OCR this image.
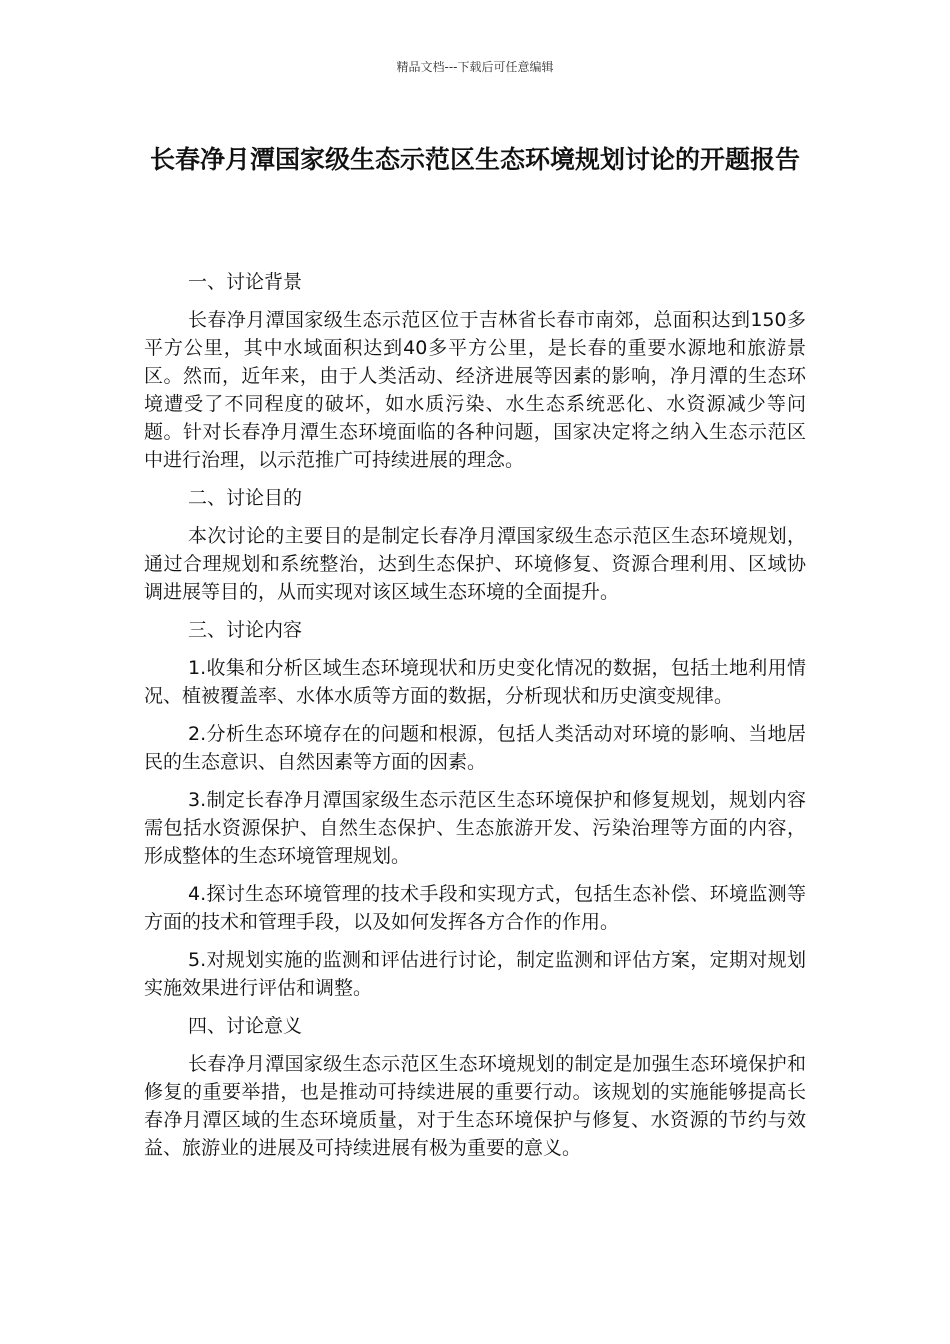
精品文档---下载后可任意编辑
长春净月潭国家级生态示范区生态环境规划讨论的开题报告

一、讨论背景

长春净月潭国家级生态示范区位于吉林省长春市南郊，总面积达到150多平方公里，其中水域面积达到40多平方公里，是长春的重要水源地和旅游景区。然而，近年来，由于人类活动、经济进展等因素的影响，净月潭的生态环境遭受了不同程度的破坏，如水质污染、水生态系统恶化、水资源减少等问题。针对长春净月潭生态环境面临的各种问题，国家决定将之纳入生态示范区中进行治理，以示范推广可持续进展的理念。

二、讨论目的

本次讨论的主要目的是制定长春净月潭国家级生态示范区生态环境规划，通过合理规划和系统整治，达到生态保护、环境修复、资源合理利用、区域协调进展等目的，从而实现对该区域生态环境的全面提升。

三、讨论内容

1.收集和分析区域生态环境现状和历史变化情况的数据，包括土地利用情况、植被覆盖率、水体水质等方面的数据，分析现状和历史演变规律。

2.分析生态环境存在的问题和根源，包括人类活动对环境的影响、当地居民的生态意识、自然因素等方面的因素。

3.制定长春净月潭国家级生态示范区生态环境保护和修复规划，规划内容需包括水资源保护、自然生态保护、生态旅游开发、污染治理等方面的内容，形成整体的生态环境管理规划。

4.探讨生态环境管理的技术手段和实现方式，包括生态补偿、环境监测等方面的技术和管理手段，以及如何发挥各方合作的作用。

5.对规划实施的监测和评估进行讨论，制定监测和评估方案，定期对规划实施效果进行评估和调整。

四、讨论意义

长春净月潭国家级生态示范区生态环境规划的制定是加强生态环境保护和修复的重要举措，也是推动可持续进展的重要行动。该规划的实施能够提高长春净月潭区域的生态环境质量，对于生态环境保护与修复、水资源的节约与效益、旅游业的进展及可持续进展有极为重要的意义。
